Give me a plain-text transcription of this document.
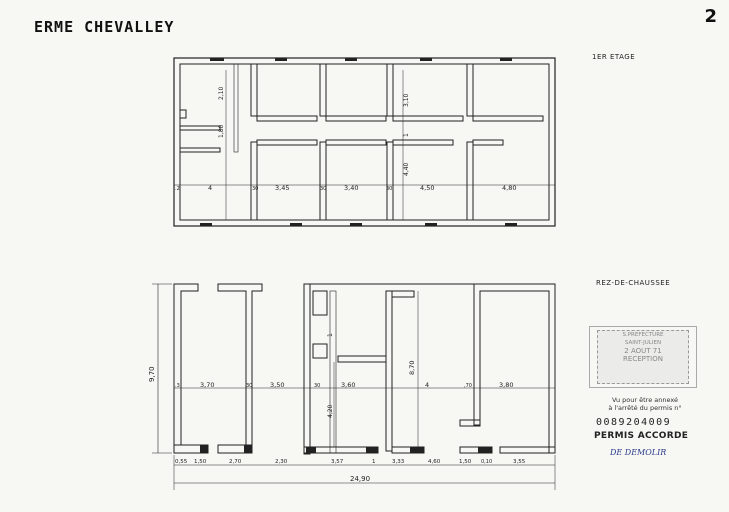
ERME CHEVALLEY	2
1ER ETAGE
REZ-DE-CHAUSSEE
4	3,45	3,40	4,50	4,80
.2	30	30	30
2,10
1,80
3,10
4,40
1
3,70	3,50	3,60	4	3,80
.3	30	30	,70
0,55 1,50	2,70	2,30	3,57	1	3,33	4,60	1,50 0,10	3,55
24,90
9,70	8,70
4,20
1	S.PREFECTURE
SAINT-JULIEN
2 AOUT 71
RECEPTION
Vu pour être annexé
à l'arrêté du permis n°
0089204009
PERMIS ACCORDE
DE DEMOLIR
